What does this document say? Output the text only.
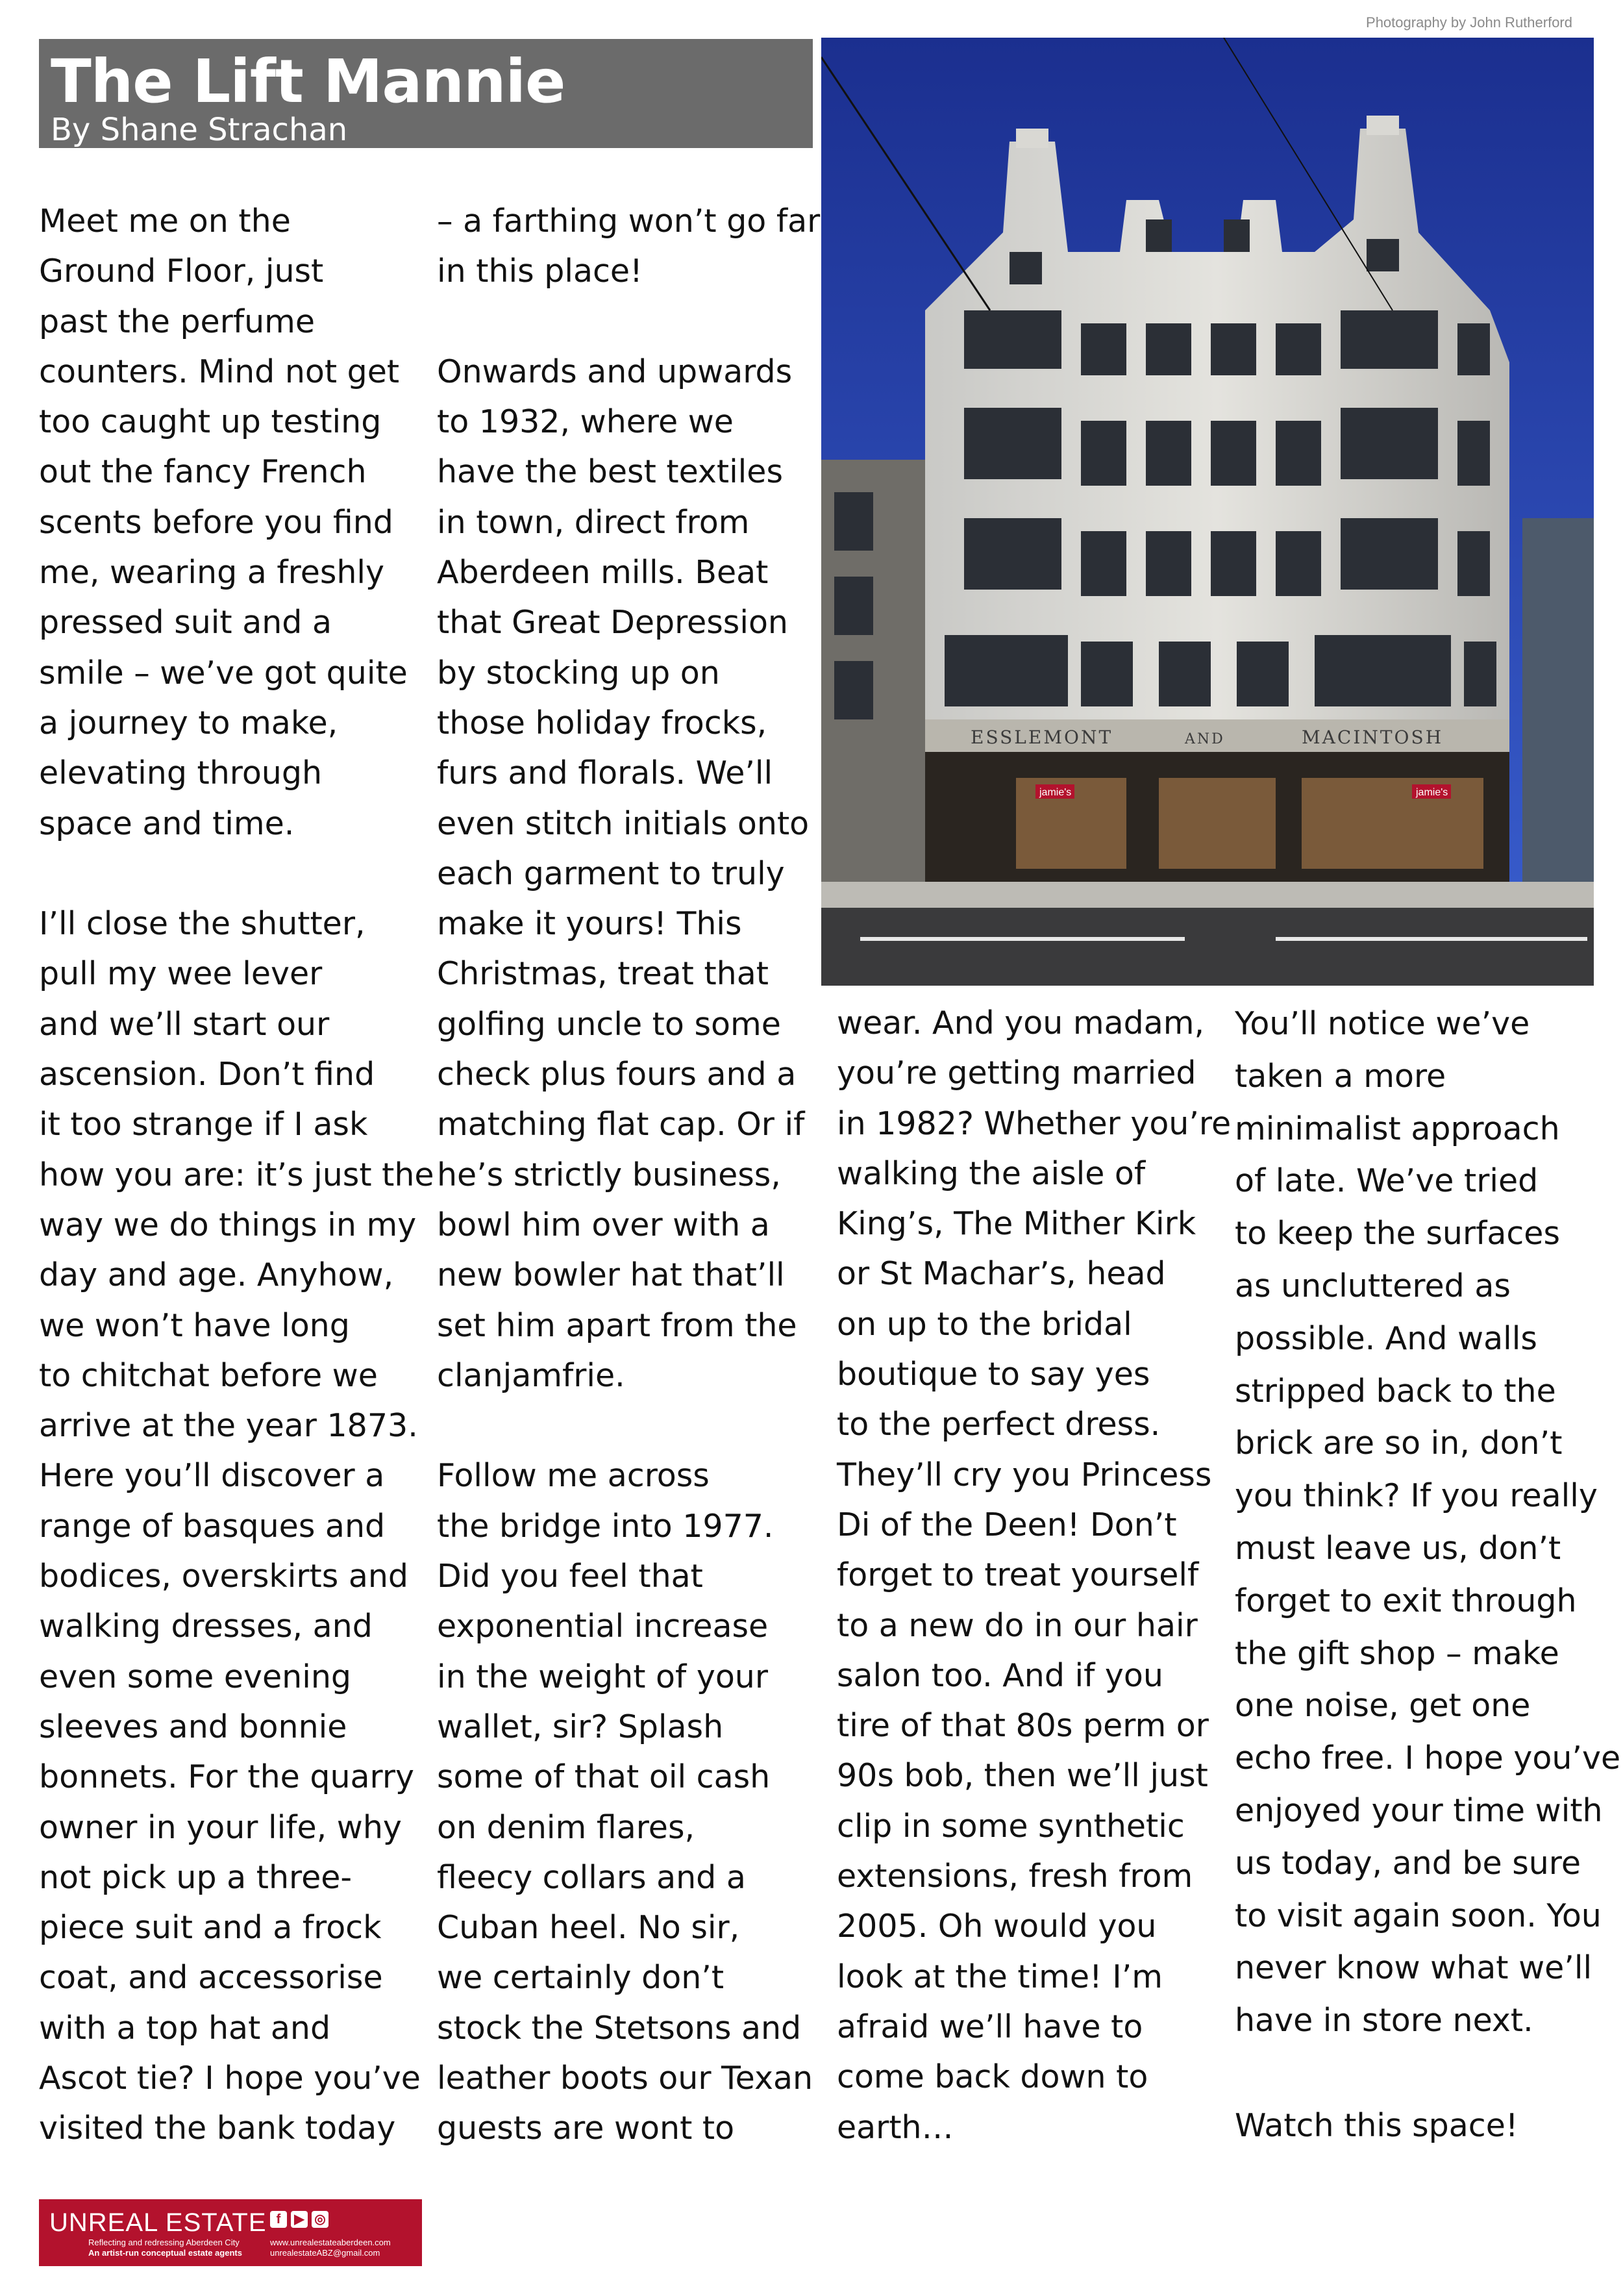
Photography by John Rutherford
The Lift Mannie

By Shane Strachan

Meet me on the
Ground Floor, just
past the perfume
counters. Mind not get
too caught up testing
out the fancy French
scents before you find
me, wearing a freshly
pressed suit and a
smile – we’ve got quite
a journey to make,
elevating through
space and time.
I’ll close the shutter,
pull my wee lever
and we’ll start our
ascension. Don’t find
it too strange if I ask
how you are: it’s just the
way we do things in my
day and age. Anyhow,
we won’t have long
to chitchat before we
arrive at the year 1873.
Here you’ll discover a
range of basques and
bodices, overskirts and
walking dresses, and
even some evening
sleeves and bonnie
bonnets. For the quarry
owner in your life, why
not pick up a three-
piece suit and a frock
coat, and accessorise
with a top hat and
Ascot tie? I hope you’ve
visited the bank today
– a farthing won’t go far
in this place!
Onwards and upwards
to 1932, where we
have the best textiles
in town, direct from
Aberdeen mills. Beat
that Great Depression
by stocking up on
those holiday frocks,
furs and florals. We’ll
even stitch initials onto
each garment to truly
make it yours! This
Christmas, treat that
golfing uncle to some
check plus fours and a
matching flat cap. Or if
he’s strictly business,
bowl him over with a
new bowler hat that’ll
set him apart from the
clanjamfrie.
Follow me across
the bridge into 1977.
Did you feel that
exponential increase
in the weight of your
wallet, sir? Splash
some of that oil cash
on denim flares,
fleecy collars and a
Cuban heel. No sir,
we certainly don’t
stock the Stetsons and
leather boots our Texan
guests are wont to
wear. And you madam,
you’re getting married
in 1982? Whether you’re
walking the aisle of
King’s, The Mither Kirk
or St Machar’s, head
on up to the bridal
boutique to say yes
to the perfect dress.
They’ll cry you Princess
Di of the Deen! Don’t
forget to treat yourself
to a new do in our hair
salon too. And if you
tire of that 80s perm or
90s bob, then we’ll just
clip in some synthetic
extensions, fresh from
2005. Oh would you
look at the time! I’m
afraid we’ll have to
come back down to
earth…
You’ll notice we’ve
taken a more
minimalist approach
of late. We’ve tried
to keep the surfaces
as uncluttered as
possible. And walls
stripped back to the
brick are so in, don’t
you think? If you really
must leave us, don’t
forget to exit through
the gift shop – make
one noise, get one
echo free. I hope you’ve
enjoyed your time with
us today, and be sure
to visit again soon. You
never know what we’ll
have in store next.
Watch this space!
ESSLEMONT	AND	MACINTOSH
jamie's	jamie's
UNREAL ESTATE
Reflecting and redressing Aberdeen City
An artist-run conceptual estate agents
f	▶ ◎
www.unrealestateaberdeen.com
unrealestateABZ@gmail.com
